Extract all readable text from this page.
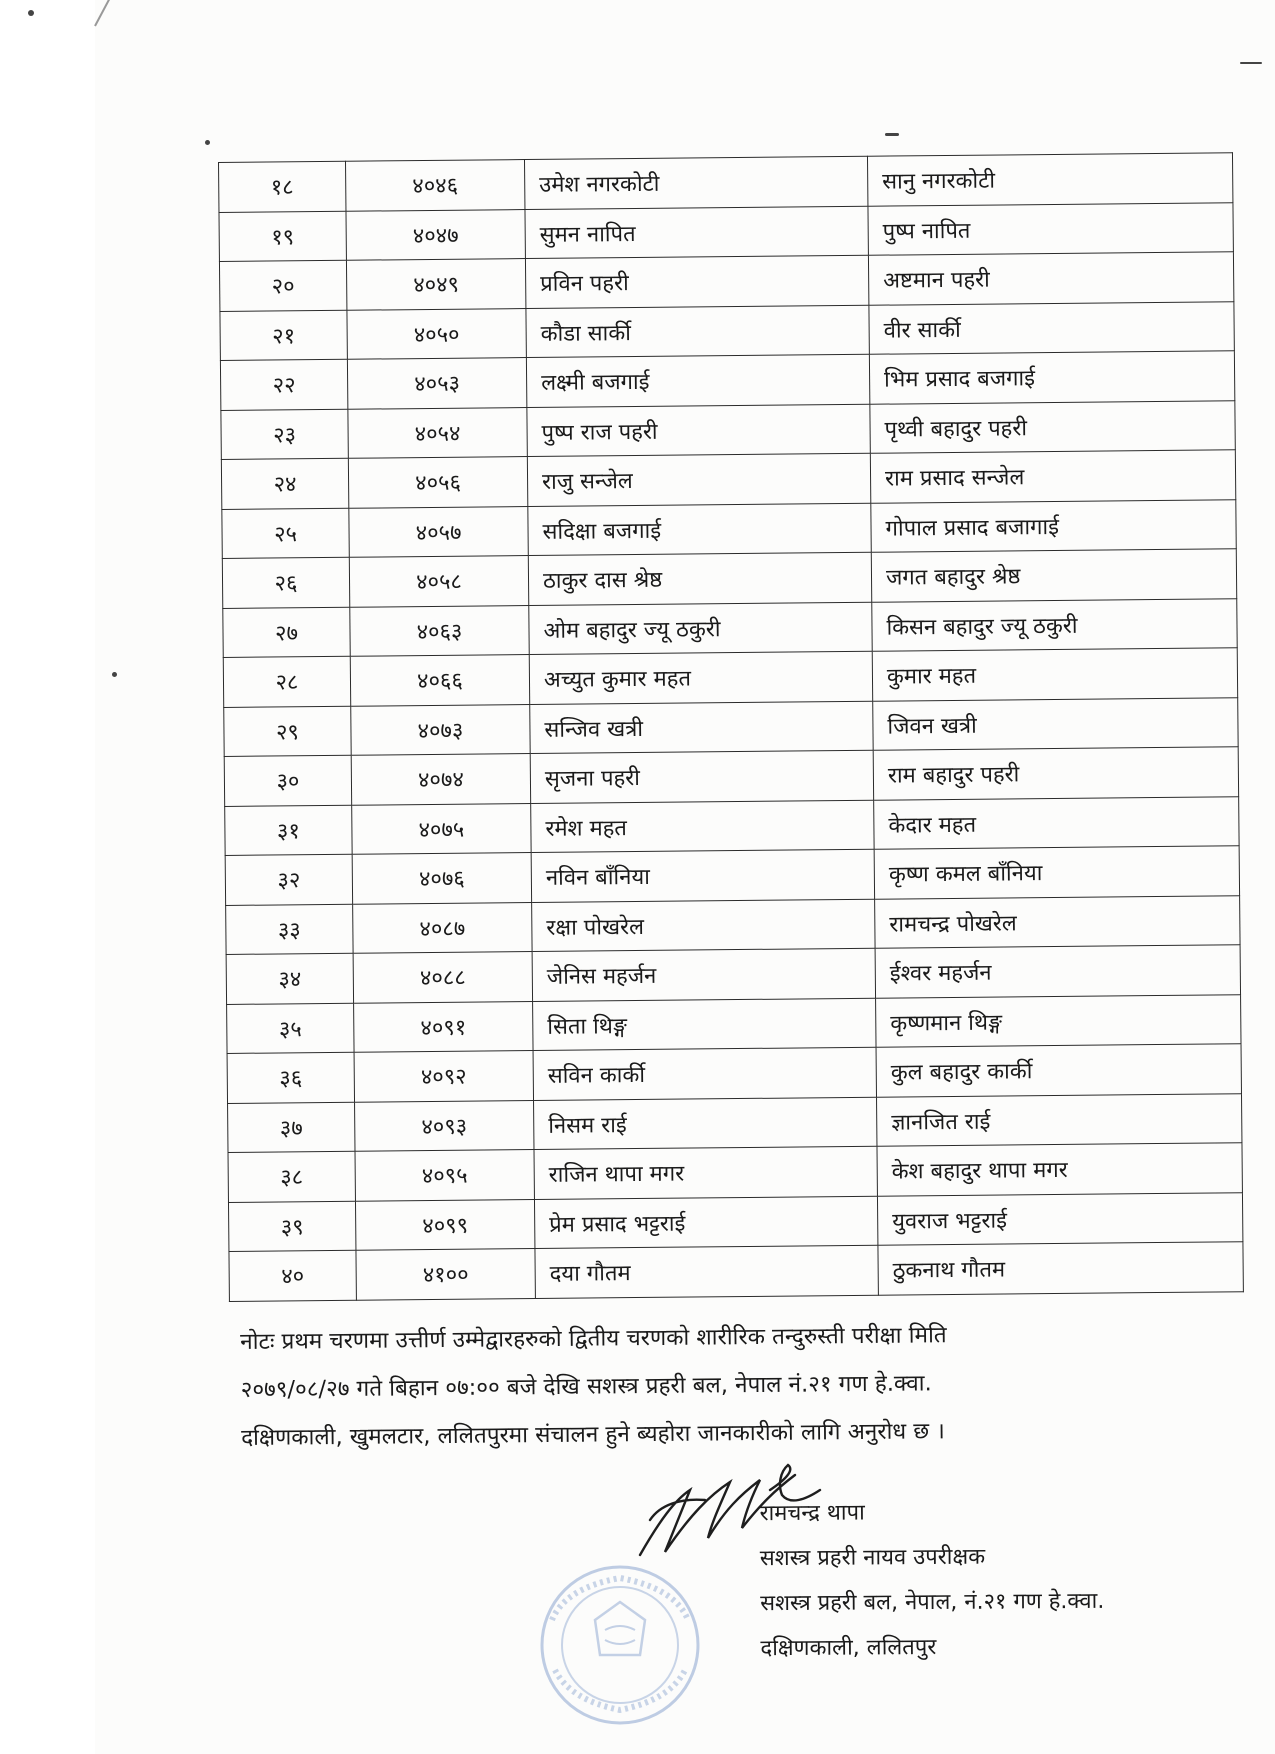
१८	४०४६	उमेश नगरकोटी	सानु नगरकोटी
१९	४०४७	सुमन नापित	पुष्प नापित
२०	४०४९	प्रविन पहरी	अष्टमान पहरी
२१	४०५०	कौडा सार्की	वीर सार्की
२२	४०५३	लक्ष्मी बजगाई	भिम प्रसाद बजगाई
२३	४०५४	पुष्प राज पहरी	पृथ्वी बहादुर पहरी
२४	४०५६	राजु सन्जेल	राम प्रसाद सन्जेल
२५	४०५७	सदिक्षा बजगाई	गोपाल प्रसाद बजागाई
२६	४०५८	ठाकुर दास श्रेष्ठ	जगत बहादुर श्रेष्ठ
२७	४०६३	ओम बहादुर ज्यू ठकुरी	किसन बहादुर ज्यू ठकुरी
२८	४०६६	अच्युत कुमार महत	कुमार महत
२९	४०७३	सन्जिव खत्री	जिवन खत्री
३०	४०७४	सृजना पहरी	राम बहादुर पहरी
३१	४०७५	रमेश महत	केदार महत
३२	४०७६	नविन बाँनिया	कृष्ण कमल बाँनिया
३३	४०८७	रक्षा पोखरेल	रामचन्द्र पोखरेल
३४	४०८८	जेनिस महर्जन	ईश्वर महर्जन
३५	४०९१	सिता थिङ्ग	कृष्णमान थिङ्ग
३६	४०९२	सविन कार्की	कुल बहादुर कार्की
३७	४०९३	निसम राई	ज्ञानजित राई
३८	४०९५	राजिन थापा मगर	केश बहादुर थापा मगर
३९	४०९९	प्रेम प्रसाद भट्टराई	युवराज भट्टराई
४०	४१००	दया गौतम	ठुकनाथ गौतम
नोटः प्रथम चरणमा उत्तीर्ण उम्मेद्वारहरुको द्वितीय चरणको शारीरिक तन्दुरुस्ती परीक्षा मिति
२०७९/०८/२७ गते बिहान ०७:०० बजे देखि सशस्त्र प्रहरी बल, नेपाल नं.२१ गण हे.क्वा.
दक्षिणकाली, खुमलटार, ललितपुरमा संचालन हुने ब्यहोरा जानकारीको लागि अनुरोध छ ।
रामचन्द्र थापा
सशस्त्र प्रहरी नायव उपरीक्षक
सशस्त्र प्रहरी बल, नेपाल, नं.२१ गण हे.क्वा.
दक्षिणकाली, ललितपुर
